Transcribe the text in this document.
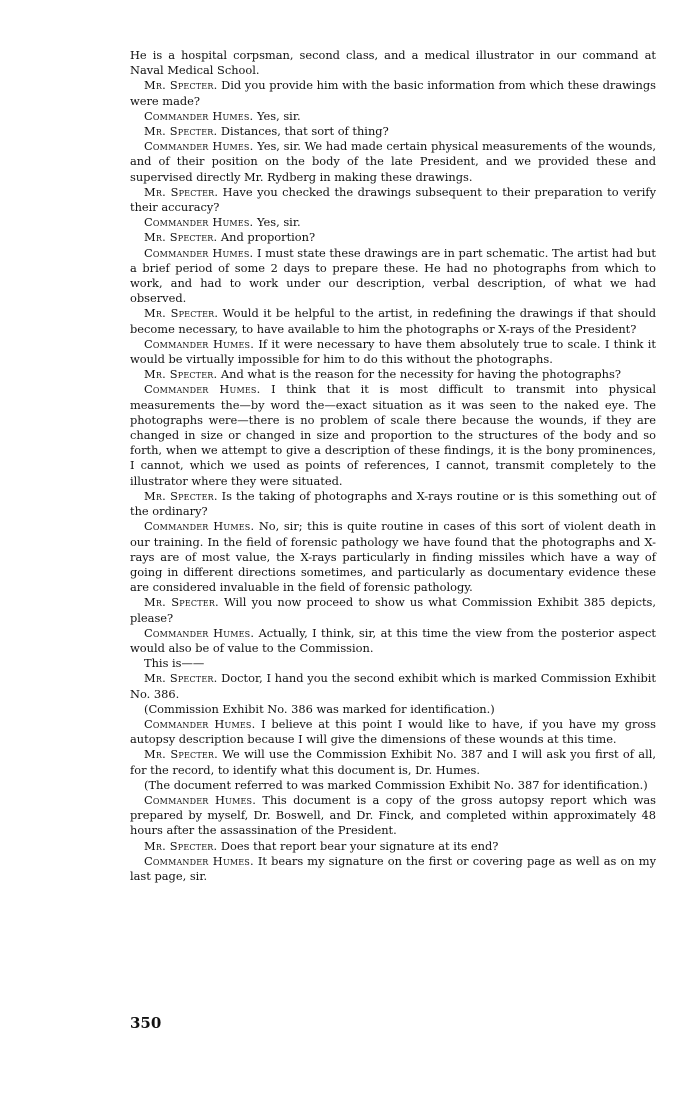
He is a hospital corpsman, second class, and a medical illustrator in our command at Naval Medical School.

Mr. Specter. Did you provide him with the basic information from which these drawings were made?

Commander Humes. Yes, sir.

Mr. Specter. Distances, that sort of thing?

Commander Humes. Yes, sir. We had made certain physical measurements of the wounds, and of their position on the body of the late President, and we provided these and supervised directly Mr. Rydberg in making these drawings.

Mr. Specter. Have you checked the drawings subsequent to their preparation to verify their accuracy?

Commander Humes. Yes, sir.

Mr. Specter. And proportion?

Commander Humes. I must state these drawings are in part schematic. The artist had but a brief period of some 2 days to prepare these. He had no photographs from which to work, and had to work under our description, verbal description, of what we had observed.

Mr. Specter. Would it be helpful to the artist, in redefining the drawings if that should become necessary, to have available to him the photographs or X-rays of the President?

Commander Humes. If it were necessary to have them absolutely true to scale. I think it would be virtually impossible for him to do this without the photographs.

Mr. Specter. And what is the reason for the necessity for having the photographs?

Commander Humes. I think that it is most difficult to transmit into physical measurements the—by word the—exact situation as it was seen to the naked eye. The photographs were—there is no problem of scale there because the wounds, if they are changed in size or changed in size and proportion to the structures of the body and so forth, when we attempt to give a description of these findings, it is the bony prominences, I cannot, which we used as points of references, I cannot, transmit completely to the illustrator where they were situated.

Mr. Specter. Is the taking of photographs and X-rays routine or is this something out of the ordinary?

Commander Humes. No, sir; this is quite routine in cases of this sort of violent death in our training. In the field of forensic pathology we have found that the photographs and X-rays are of most value, the X-rays particularly in finding missiles which have a way of going in different directions sometimes, and particularly as documentary evidence these are considered invaluable in the field of forensic pathology.

Mr. Specter. Will you now proceed to show us what Commission Exhibit 385 depicts, please?

Commander Humes. Actually, I think, sir, at this time the view from the posterior aspect would also be of value to the Commission.

This is——

Mr. Specter. Doctor, I hand you the second exhibit which is marked Commission Exhibit No. 386.

(Commission Exhibit No. 386 was marked for identification.)

Commander Humes. I believe at this point I would like to have, if you have my gross autopsy description because I will give the dimensions of these wounds at this time.

Mr. Specter. We will use the Commission Exhibit No. 387 and I will ask you first of all, for the record, to identify what this document is, Dr. Humes.

(The document referred to was marked Commission Exhibit No. 387 for identification.)

Commander Humes. This document is a copy of the gross autopsy report which was prepared by myself, Dr. Boswell, and Dr. Finck, and completed within approximately 48 hours after the assassination of the President.

Mr. Specter. Does that report bear your signature at its end?

Commander Humes. It bears my signature on the first or covering page as well as on my last page, sir.

350
